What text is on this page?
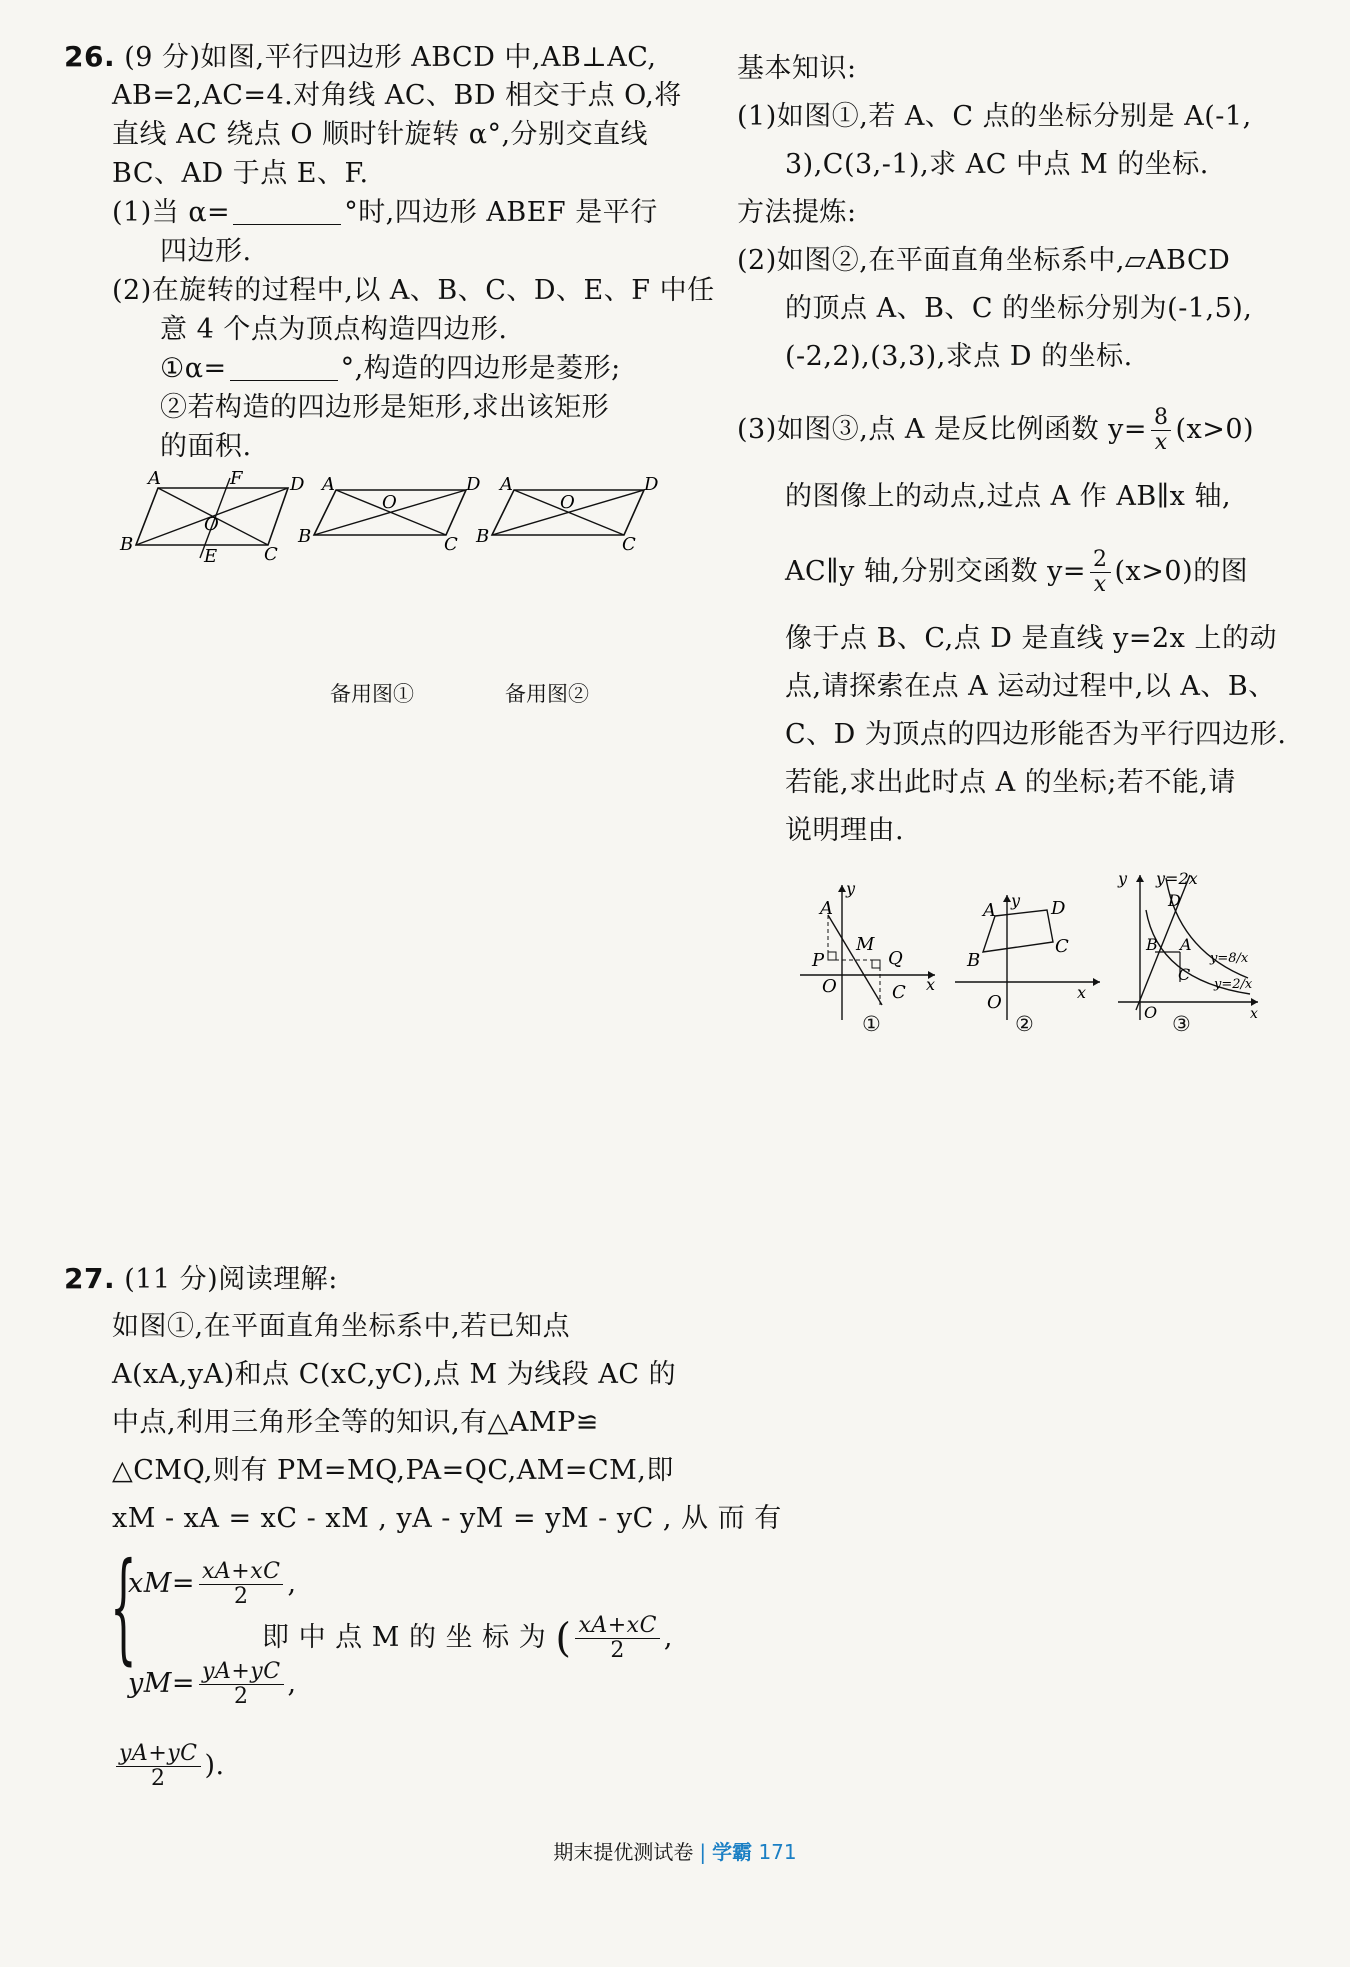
26. (9 分)如图,平行四边形 ABCD 中,AB⊥AC,
AB=2,AC=4.对角线 AC、BD 相交于点 O,将
直线 AC 绕点 O 顺时针旋转 α°,分别交直线
BC、AD 于点 E、F.
(1)当 α=	°时,四边形 ABEF 是平行
四边形.
(2)在旋转的过程中,以 A、B、C、D、E、F 中任
意 4 个点为顶点构造四边形.
①α=	°,构造的四边形是菱形;
②若构造的四边形是矩形,求出该矩形
的面积.
A	F	D
B	C
O
E
A	D
B	C
O
A	D
B	C
O
备用图①	备用图②
基本知识:
(1)如图①,若 A、C 点的坐标分别是 A(-1,
3),C(3,-1),求 AC 中点 M 的坐标.
方法提炼:
(2)如图②,在平面直角坐标系中,▱ABCD
的顶点 A、B、C 的坐标分别为(-1,5),
(-2,2),(3,3),求点 D 的坐标.
(3)如图③,点 A 是反比例函数 $y= \frac{8}{x} (x>0)$
的图像上的动点,过点 A 作 AB∥x 轴,
AC∥y 轴,分别交函数 $y= \frac{2}{x} (x>0)$的图
像于点 B、C,点 D 是直线 y=2x 上的动
点,请探索在点 A 运动过程中,以 A、B、
C、D 为顶点的四边形能否为平行四边形.
若能,求出此时点 A 的坐标;若不能,请
说明理由.
A
y
M
P	Q
O	C x
A y D
B
C
O	x
y y=2x
D
B A
C
O	x
y=8/x
y=2/x
①	②	③
27. (11 分)阅读理解:
如图①,在平面直角坐标系中,若已知点
A(xA,yA)和点 C(xC,yC),点 M 为线段 AC 的
中点,利用三角形全等的知识,有△AMP≌
△CMQ,则有 PM=MQ,PA=QC,AM=CM,即
xM - xA = xC - xM , yA - yM = yM - yC , 从 而 有
{
$xM= \frac{xA+xC}{2}$ ,
$yM= \frac{yA+yC}{2}$ ,
即 中 点 M 的 坐 标 为 ( $\frac{xA+xC}{2}$ ,
$\frac{yA+yC}{2}$ ).
期末提优测试卷 | 学霸 171
